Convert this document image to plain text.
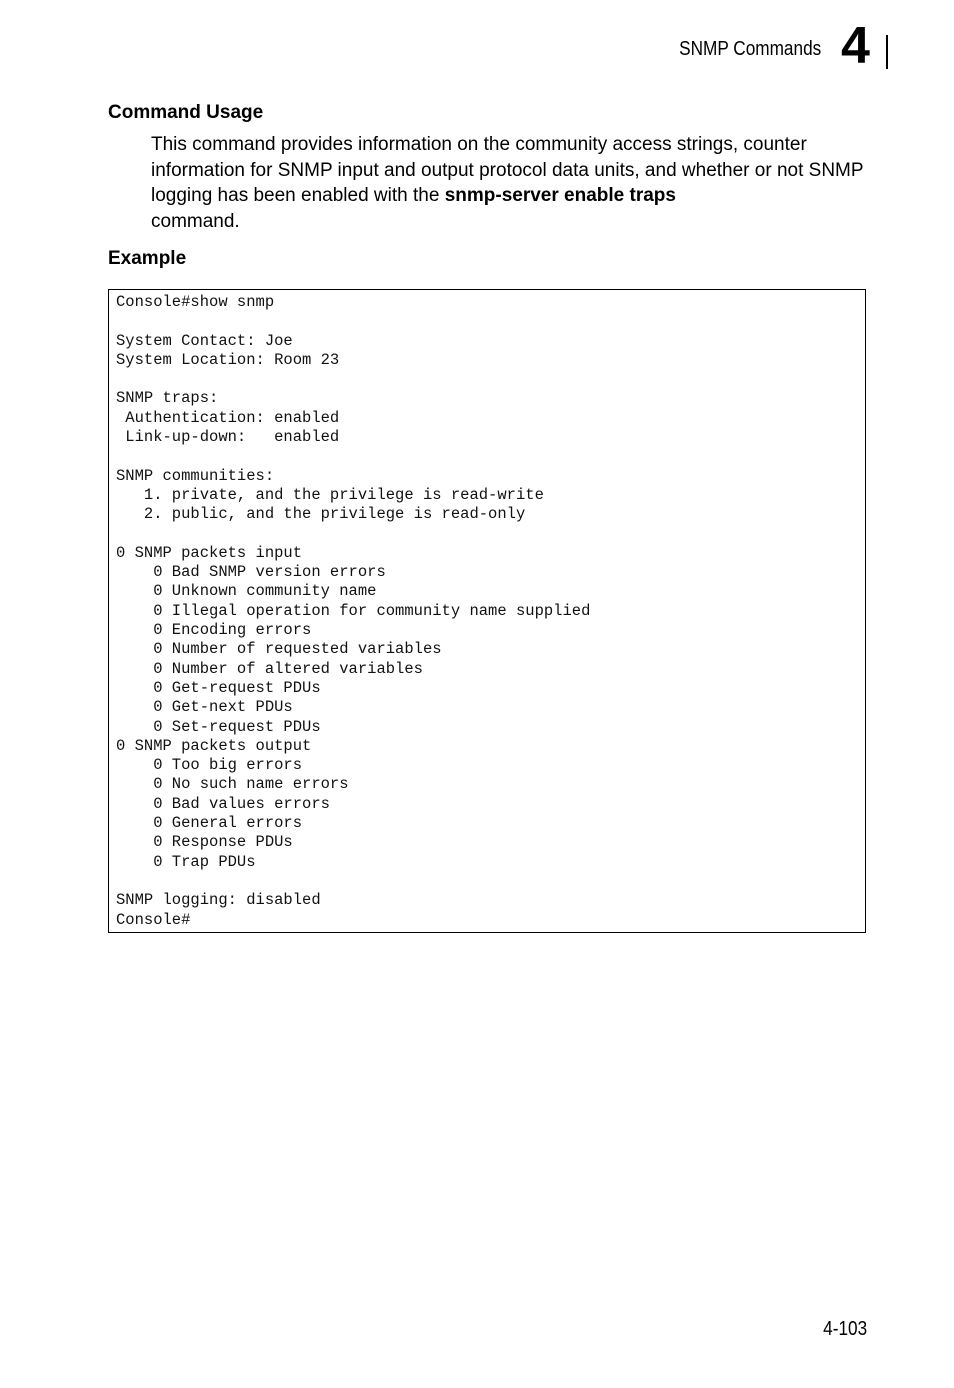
SNMP Commands 4
Command Usage

This command provides information on the community access strings, counter information for SNMP input and output protocol data units, and whether or not SNMP logging has been enabled with the snmp-server enable traps
command.

Example
Console#show snmp

System Contact: Joe
System Location: Room 23

SNMP traps:
Authentication: enabled
Link-up-down:   enabled

SNMP communities:
1. private, and the privilege is read-write
2. public, and the privilege is read-only

0 SNMP packets input
0 Bad SNMP version errors
0 Unknown community name
0 Illegal operation for community name supplied
0 Encoding errors
0 Number of requested variables
0 Number of altered variables
0 Get-request PDUs
0 Get-next PDUs
0 Set-request PDUs
0 SNMP packets output
0 Too big errors
0 No such name errors
0 Bad values errors
0 General errors
0 Response PDUs
0 Trap PDUs

SNMP logging: disabled
Console#
4-103
